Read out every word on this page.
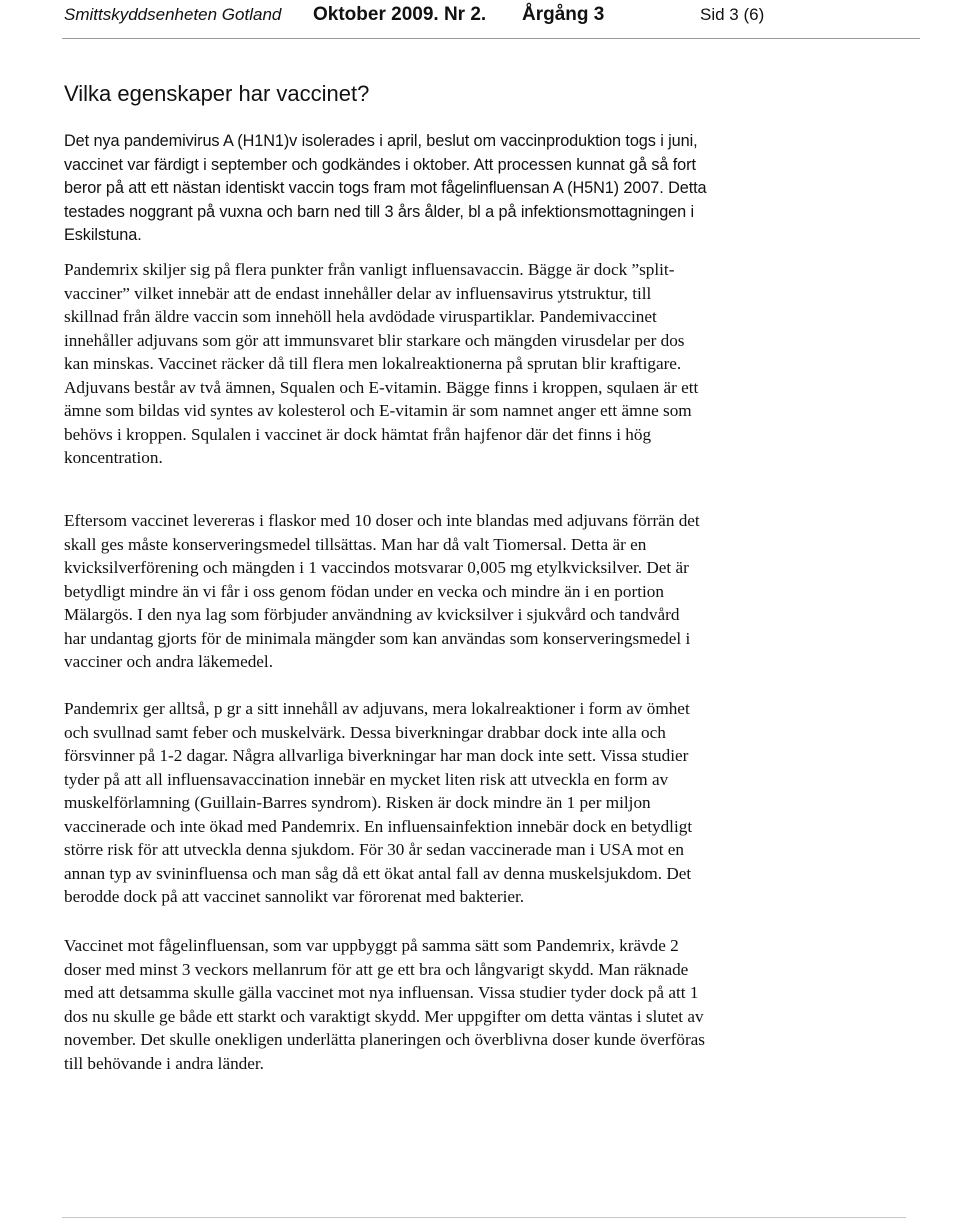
Smittskyddsenheten Gotland Oktober 2009. Nr 2. Årgång 3	Sid 3 (6)
Vilka egenskaper har vaccinet?
Det nya pandemivirus A (H1N1)v isolerades i april, beslut om vaccinproduktion togs i juni,
vaccinet var färdigt i september och godkändes i oktober. Att processen kunnat gå så fort
beror på att ett nästan identiskt vaccin togs fram mot fågelinfluensan A (H5N1) 2007. Detta
testades noggrant på vuxna och barn ned till 3 års ålder, bl a på infektionsmottagningen i
Eskilstuna.
Pandemrix skiljer sig på flera punkter från vanligt influensavaccin. Bägge är dock ”split-
vacciner” vilket innebär att de endast innehåller delar av influensavirus ytstruktur, till
skillnad från äldre vaccin som innehöll hela avdödade viruspartiklar. Pandemivaccinet
innehåller adjuvans som gör att immunsvaret blir starkare och mängden virusdelar per dos
kan minskas. Vaccinet räcker då till flera men lokalreaktionerna på sprutan blir kraftigare.
Adjuvans består av två ämnen, Squalen och E-vitamin. Bägge finns i kroppen, squlaen är ett
ämne som bildas vid syntes av kolesterol och E-vitamin är som namnet anger ett ämne som
behövs i kroppen. Squlalen i vaccinet är dock hämtat från hajfenor där det finns i hög
koncentration.
Eftersom vaccinet levereras i flaskor med 10 doser och inte blandas med adjuvans förrän det
skall ges måste konserveringsmedel tillsättas. Man har då valt Tiomersal. Detta är en
kvicksilverförening och mängden i 1 vaccindos motsvarar 0,005 mg etylkvicksilver. Det är
betydligt mindre än vi får i oss genom födan under en vecka och mindre än i en portion
Mälargös. I den nya lag som förbjuder användning av kvicksilver i sjukvård och tandvård
har undantag gjorts för de minimala mängder som kan användas som konserveringsmedel i
vacciner och andra läkemedel.
Pandemrix ger alltså, p gr a sitt innehåll av adjuvans, mera lokalreaktioner i form av ömhet
och svullnad samt feber och muskelvärk. Dessa biverkningar drabbar dock inte alla och
försvinner på 1-2 dagar. Några allvarliga biverkningar har man dock inte sett. Vissa studier
tyder på att all influensavaccination innebär en mycket liten risk att utveckla en form av
muskelförlamning (Guillain-Barres syndrom). Risken är dock mindre än 1 per miljon
vaccinerade och inte ökad med Pandemrix. En influensainfektion innebär dock en betydligt
större risk för att utveckla denna sjukdom. För 30 år sedan vaccinerade man i USA mot en
annan typ av svininfluensa och man såg då ett ökat antal fall av denna muskelsjukdom. Det
berodde dock på att vaccinet sannolikt var förorenat med bakterier.
Vaccinet mot fågelinfluensan, som var uppbyggt på samma sätt som Pandemrix, krävde 2
doser med minst 3 veckors mellanrum för att ge ett bra och långvarigt skydd. Man räknade
med att detsamma skulle gälla vaccinet mot nya influensan. Vissa studier tyder dock på att 1
dos nu skulle ge både ett starkt och varaktigt skydd. Mer uppgifter om detta väntas i slutet av
november. Det skulle onekligen underlätta planeringen och överblivna doser kunde överföras
till behövande i andra länder.
